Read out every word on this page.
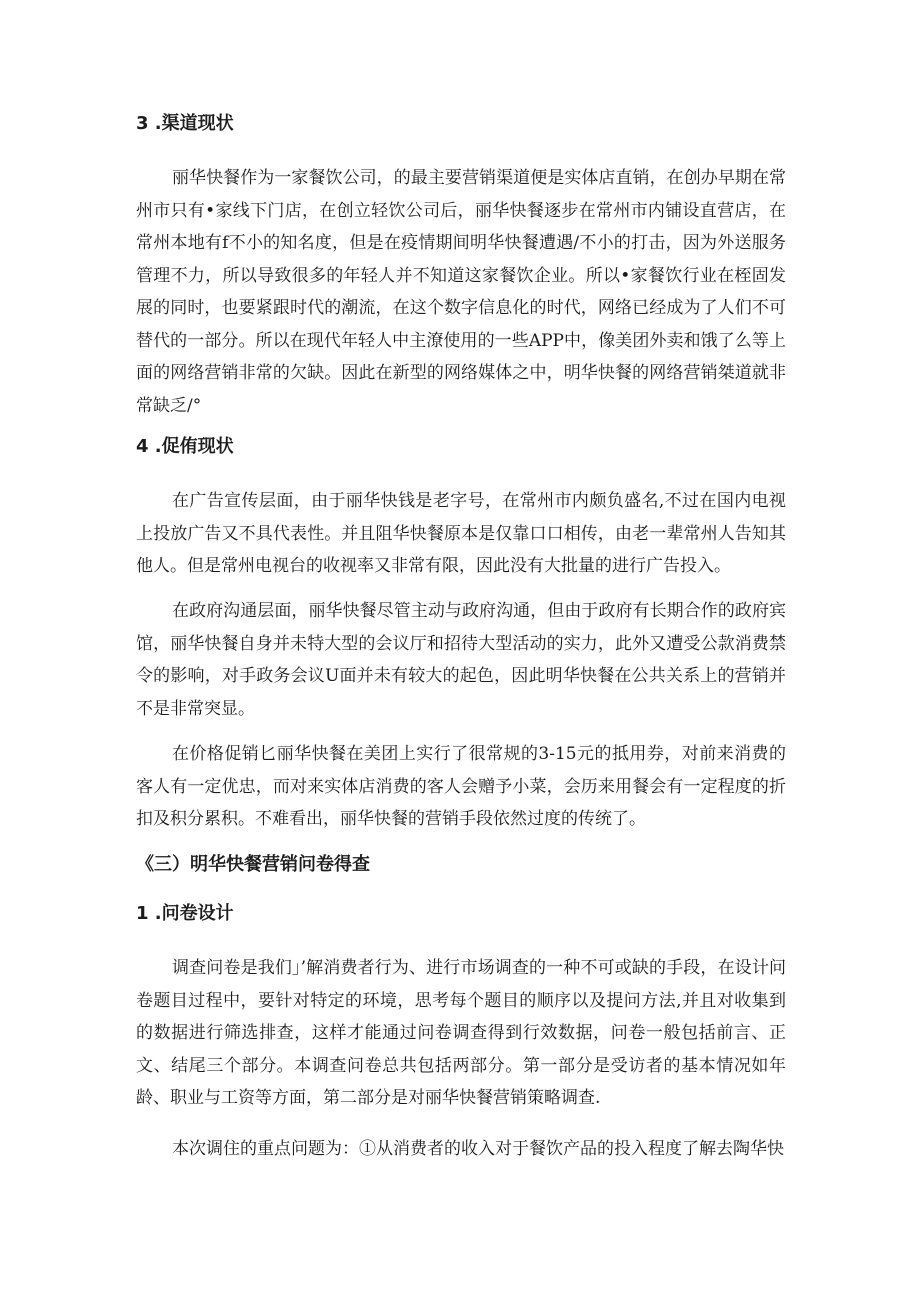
3 .渠道现状
丽华快餐作为一家餐饮公司，的最主要营销渠道便是实体店直销，在创办早期在常州市只有•家线下门店，在创立轻饮公司后，丽华快餐逐步在常州市内铺设直营店，在常州本地有f不小的知名度，但是在疫情期间明华快餐遭遇/不小的打击，因为外送服务管理不力，所以导致很多的年轻人并不知道这家餐饮企业。所以•家餐饮行业在桎固发展的同时，也要紧跟时代的潮流，在这个数字信息化的时代，网络已经成为了人们不可替代的一部分。所以在现代年轻人中主潦使用的一些APP中，像美团外卖和饿了么等上面的网络营销非常的欠缺。因此在新型的网络媒体之中，明华快餐的网络营销桀道就非常缺乏/°
4 .促侑现状
在广告宣传层面，由于丽华快钱是老字号，在常州市内颇负盛名,不过在国内电视上投放广告又不具代表性。并且阻华快餐原本是仅靠口口相传，由老一辈常州人告知其他人。但是常州电视台的收视率又非常有限，因此没有大批量的进行广告投入。
在政府沟通层面，丽华快餐尽管主动与政府沟通，但由于政府有长期合作的政府宾馆，丽华快餐自身并未特大型的会议厅和招待大型活动的实力，此外又遭受公款消费禁令的影响，对手政务会议U面并未有较大的起色，因此明华快餐在公共关系上的营销并不是非常突显。
在价格促销匕丽华快餐在美团上实行了很常规的3-15元的抵用券，对前来消费的客人有一定优忠，而对来实体店消费的客人会赠予小菜，会历来用餐会有一定程度的折扣及积分累积。不难看出，丽华快餐的营销手段依然过度的传统了。
《三）明华快餐营销问卷得查
1 .问卷设计
调查问卷是我们」’解消费者行为、进行市场调查的一种不可或缺的手段，在设计问卷题目过程中，要针对特定的环境，思考每个题目的顺序以及提问方法,并且对收集到的数据进行筛选排查，这样才能通过问卷调查得到行效数据，问卷一般包括前言、正文、结尾三个部分。本调查问卷总共包括两部分。第一部分是受访者的基本情况如年龄、职业与工资等方面，第二部分是对丽华快餐营销策略调查.
本次调住的重点问题为：①从消费者的收入对于餐饮产品的投入程度了解去陶华快
